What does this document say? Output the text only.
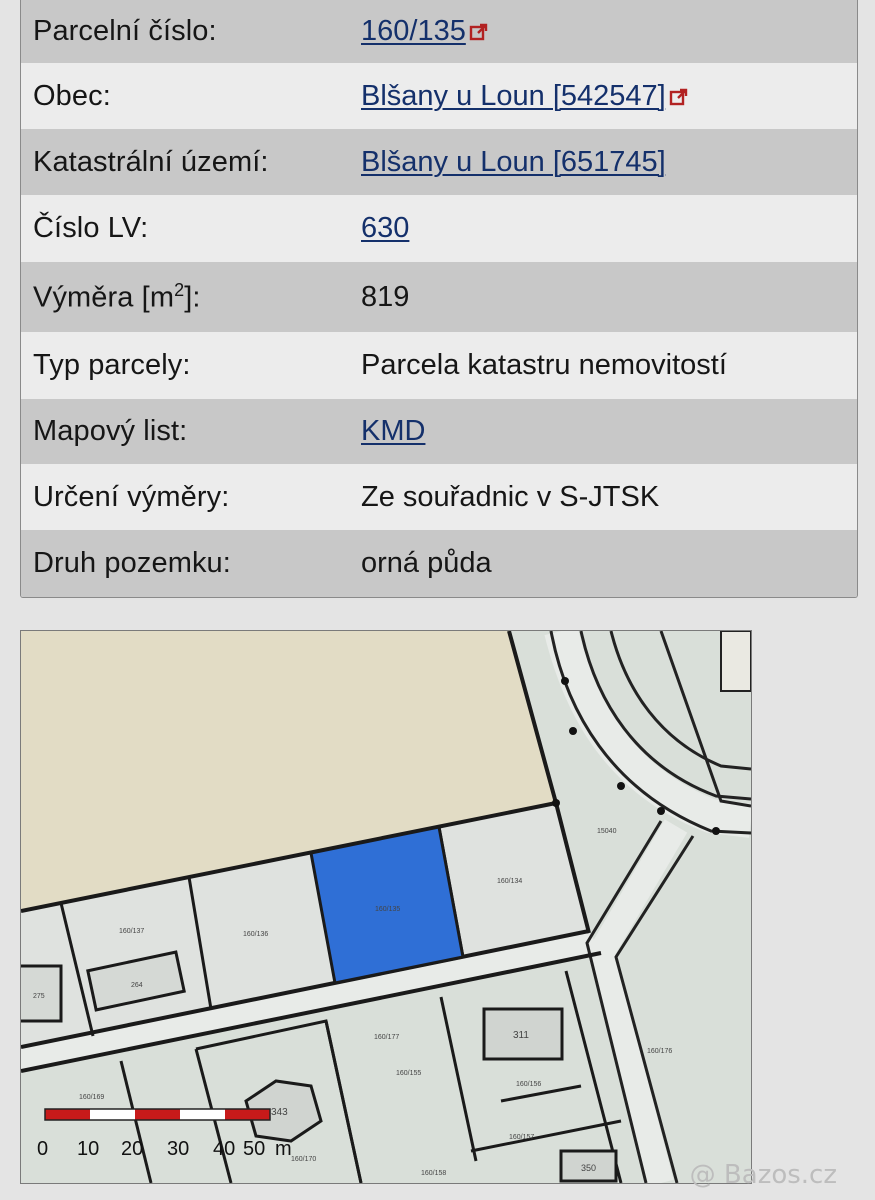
Parcelní číslo:	160/135
Obec:	Blšany u Loun [542547]
Katastrální území:	Blšany u Loun [651745]
Číslo LV:	630
Výměra $[m^2]$:	819
Typ parcely:	Parcela katastru nemovitostí
Mapový list:	KMD
Určení výměry:	Ze souřadnic v S-JTSK
Druh pozemku:	orná půda
160/135
160/134
160/136
160/137
15040
160/177
160/155
160/156
160/157
160/158
160/169
160/176
160/170
264
311
343
275
350
0 10 20 30 40 50 m
@ Bazos.cz
